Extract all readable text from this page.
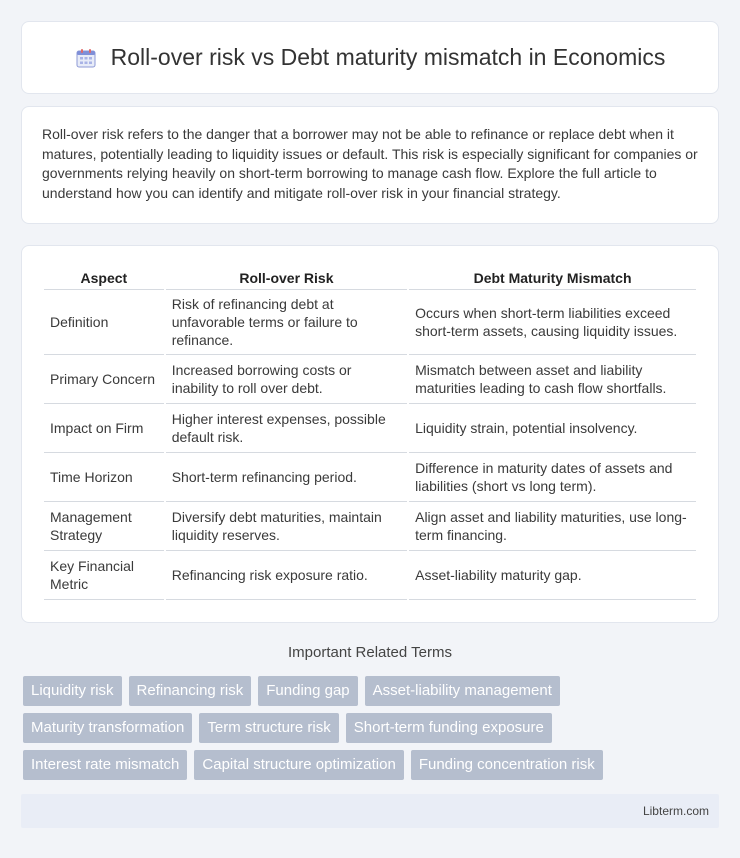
Roll-over risk vs Debt maturity mismatch in Economics

Roll-over risk refers to the danger that a borrower may not be able to refinance or replace debt when it matures, potentially leading to liquidity issues or default. This risk is especially significant for companies or governments relying heavily on short-term borrowing to manage cash flow. Explore the full article to understand how you can identify and mitigate roll-over risk in your financial strategy.

Aspect	Roll-over Risk	Debt Maturity Mismatch
Definition	Risk of refinancing debt at unfavorable terms or failure to refinance.	Occurs when short-term liabilities exceed short-term assets, causing liquidity issues.
Primary Concern	Increased borrowing costs or inability to roll over debt.	Mismatch between asset and liability maturities leading to cash flow shortfalls.
Impact on Firm	Higher interest expenses, possible default risk.	Liquidity strain, potential insolvency.
Time Horizon	Short-term refinancing period.	Difference in maturity dates of assets and liabilities (short vs long term).
Management Strategy	Diversify debt maturities, maintain liquidity reserves.	Align asset and liability maturities, use long-term financing.
Key Financial Metric	Refinancing risk exposure ratio.	Asset-liability maturity gap.
Important Related Terms
Liquidity risk	Refinancing risk	Funding gap	Asset-liability management
Maturity transformation	Term structure risk	Short-term funding exposure
Interest rate mismatch	Capital structure optimization	Funding concentration risk
Libterm.com
